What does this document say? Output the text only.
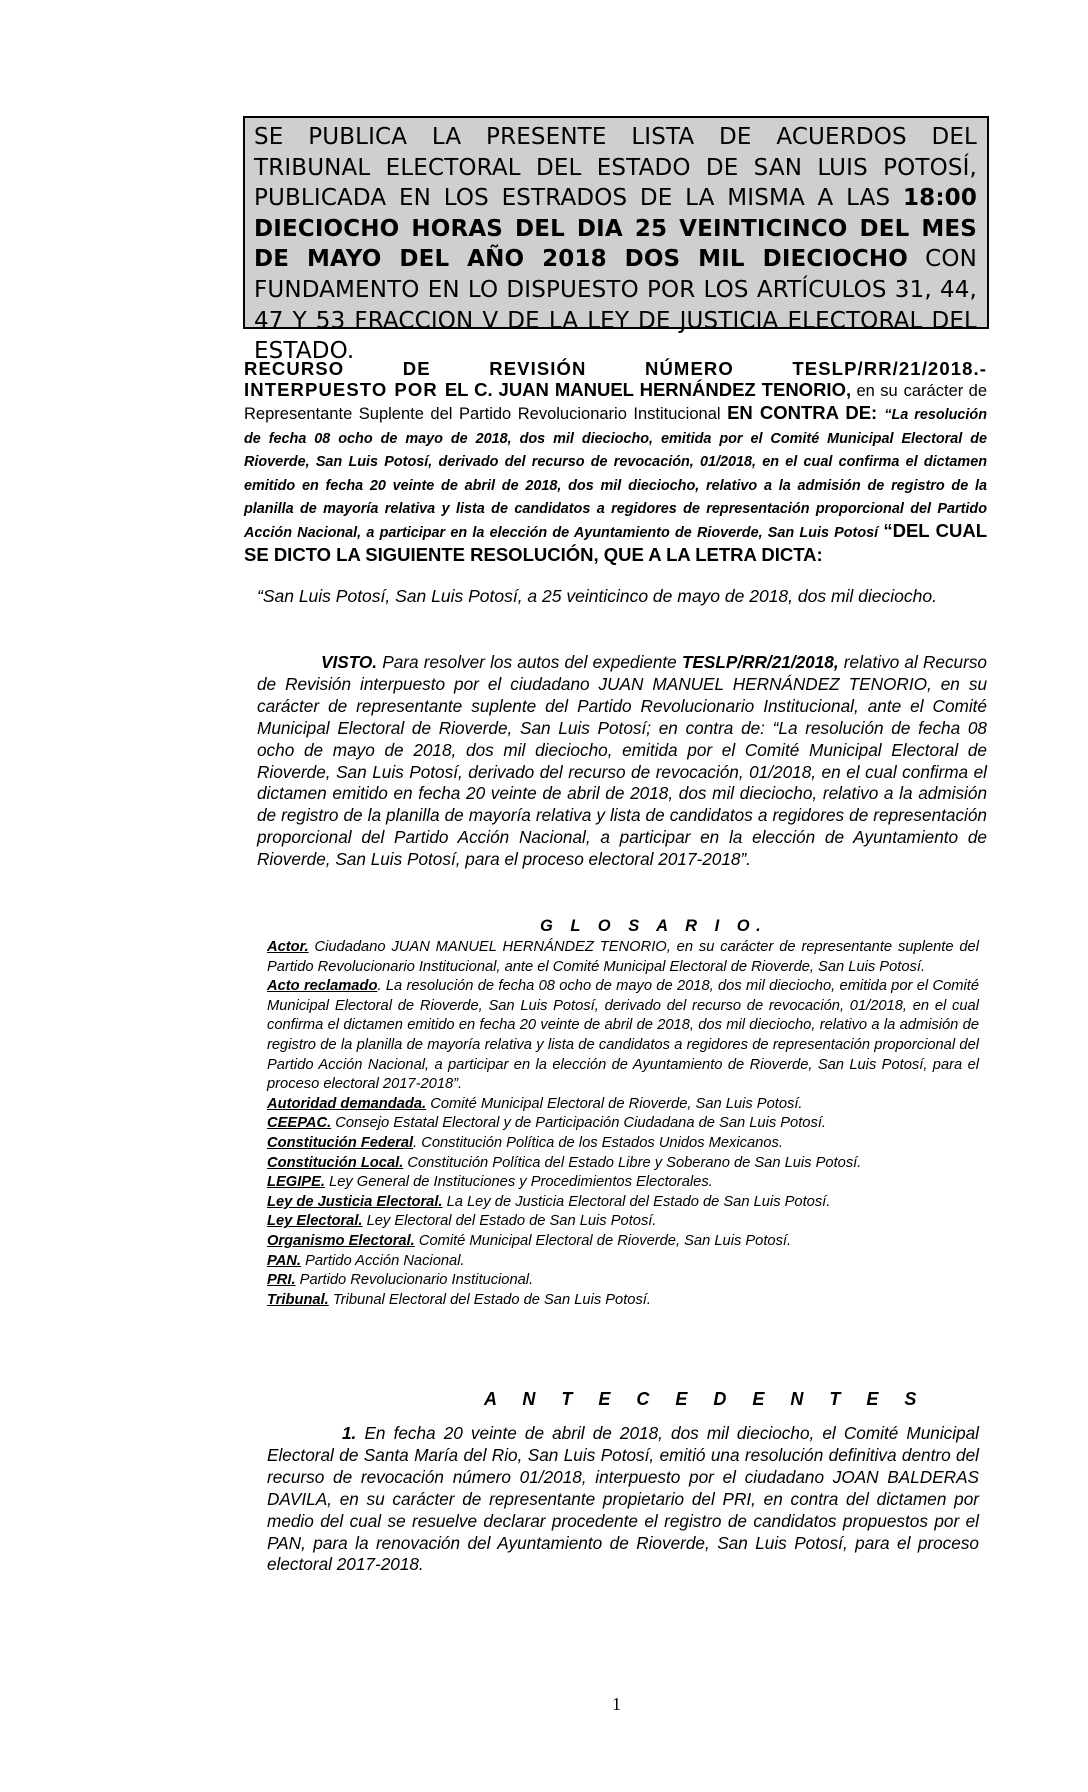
SE PUBLICA LA PRESENTE LISTA DE ACUERDOS DEL TRIBUNAL ELECTORAL DEL ESTADO DE SAN LUIS POTOSÍ, PUBLICADA EN LOS ESTRADOS DE LA MISMA A LAS 18:00 DIECIOCHO HORAS DEL DIA 25 VEINTICINCO DEL MES DE MAYO DEL AÑO 2018 DOS MIL DIECIOCHO CON FUNDAMENTO EN LO DISPUESTO POR LOS ARTÍCULOS 31, 44, 47 Y 53 FRACCION V DE LA LEY DE JUSTICIA ELECTORAL DEL ESTADO.
RECURSO DE REVISIÓN NÚMERO TESLP/RR/21/2018.-
INTERPUESTO POR EL C. JUAN MANUEL HERNÁNDEZ TENORIO, en su carácter de Representante Suplente del Partido Revolucionario Institucional EN CONTRA DE: “La resolución de fecha 08 ocho de mayo de 2018, dos mil dieciocho, emitida por el Comité Municipal Electoral de Rioverde, San Luis Potosí, derivado del recurso de revocación, 01/2018, en el cual confirma el dictamen emitido en fecha 20 veinte de abril de 2018, dos mil dieciocho, relativo a la admisión de registro de la planilla de mayoría relativa y lista de candidatos a regidores de representación proporcional del Partido Acción Nacional, a participar en la elección de Ayuntamiento de Rioverde, San Luis Potosí “DEL CUAL SE DICTO LA SIGUIENTE RESOLUCIÓN, QUE A LA LETRA DICTA:
“San Luis Potosí, San Luis Potosí, a 25 veinticinco de mayo de 2018, dos mil dieciocho.
VISTO. Para resolver los autos del expediente TESLP/RR/21/2018, relativo al Recurso de Revisión interpuesto por el ciudadano JUAN MANUEL HERNÁNDEZ TENORIO, en su carácter de representante suplente del Partido Revolucionario Institucional, ante el Comité Municipal Electoral de Rioverde, San Luis Potosí; en contra de: “La resolución de fecha 08 ocho de mayo de 2018, dos mil dieciocho, emitida por el Comité Municipal Electoral de Rioverde, San Luis Potosí, derivado del recurso de revocación, 01/2018, en el cual confirma el dictamen emitido en fecha 20 veinte de abril de 2018, dos mil dieciocho, relativo a la admisión de registro de la planilla de mayoría relativa y lista de candidatos a regidores de representación proporcional del Partido Acción Nacional, a participar en la elección de Ayuntamiento de Rioverde, San Luis Potosí, para el proceso electoral 2017-2018”.
G L O S A R I O.

Actor. Ciudadano JUAN MANUEL HERNÁNDEZ TENORIO, en su carácter de representante suplente del Partido Revolucionario Institucional, ante el Comité Municipal Electoral de Rioverde, San Luis Potosí.

Acto reclamado. La resolución de fecha 08 ocho de mayo de 2018, dos mil dieciocho, emitida por el Comité Municipal Electoral de Rioverde, San Luis Potosí, derivado del recurso de revocación, 01/2018, en el cual confirma el dictamen emitido en fecha 20 veinte de abril de 2018, dos mil dieciocho, relativo a la admisión de registro de la planilla de mayoría relativa y lista de candidatos a regidores de representación proporcional del Partido Acción Nacional, a participar en la elección de Ayuntamiento de Rioverde, San Luis Potosí, para el proceso electoral 2017-2018”.

Autoridad demandada. Comité Municipal Electoral de Rioverde, San Luis Potosí.

CEEPAC. Consejo Estatal Electoral y de Participación Ciudadana de San Luis Potosí.

Constitución Federal. Constitución Política de los Estados Unidos Mexicanos.

Constitución Local. Constitución Política del Estado Libre y Soberano de San Luis Potosí.

LEGIPE. Ley General de Instituciones y Procedimientos Electorales.

Ley de Justicia Electoral. La Ley de Justicia Electoral del Estado de San Luis Potosí.

Ley Electoral. Ley Electoral del Estado de San Luis Potosí.

Organismo Electoral. Comité Municipal Electoral de Rioverde, San Luis Potosí.

PAN. Partido Acción Nacional.

PRI. Partido Revolucionario Institucional.

Tribunal. Tribunal Electoral del Estado de San Luis Potosí.

A N T E C E D E N T E S
1. En fecha 20 veinte de abril de 2018, dos mil dieciocho, el Comité Municipal Electoral de Santa María del Rio, San Luis Potosí, emitió una resolución definitiva dentro del recurso de revocación número 01/2018, interpuesto por el ciudadano JOAN BALDERAS DAVILA, en su carácter de representante propietario del PRI, en contra del dictamen por medio del cual se resuelve declarar procedente el registro de candidatos propuestos por el PAN, para la renovación del Ayuntamiento de Rioverde, San Luis Potosí, para el proceso electoral 2017-2018.
1
